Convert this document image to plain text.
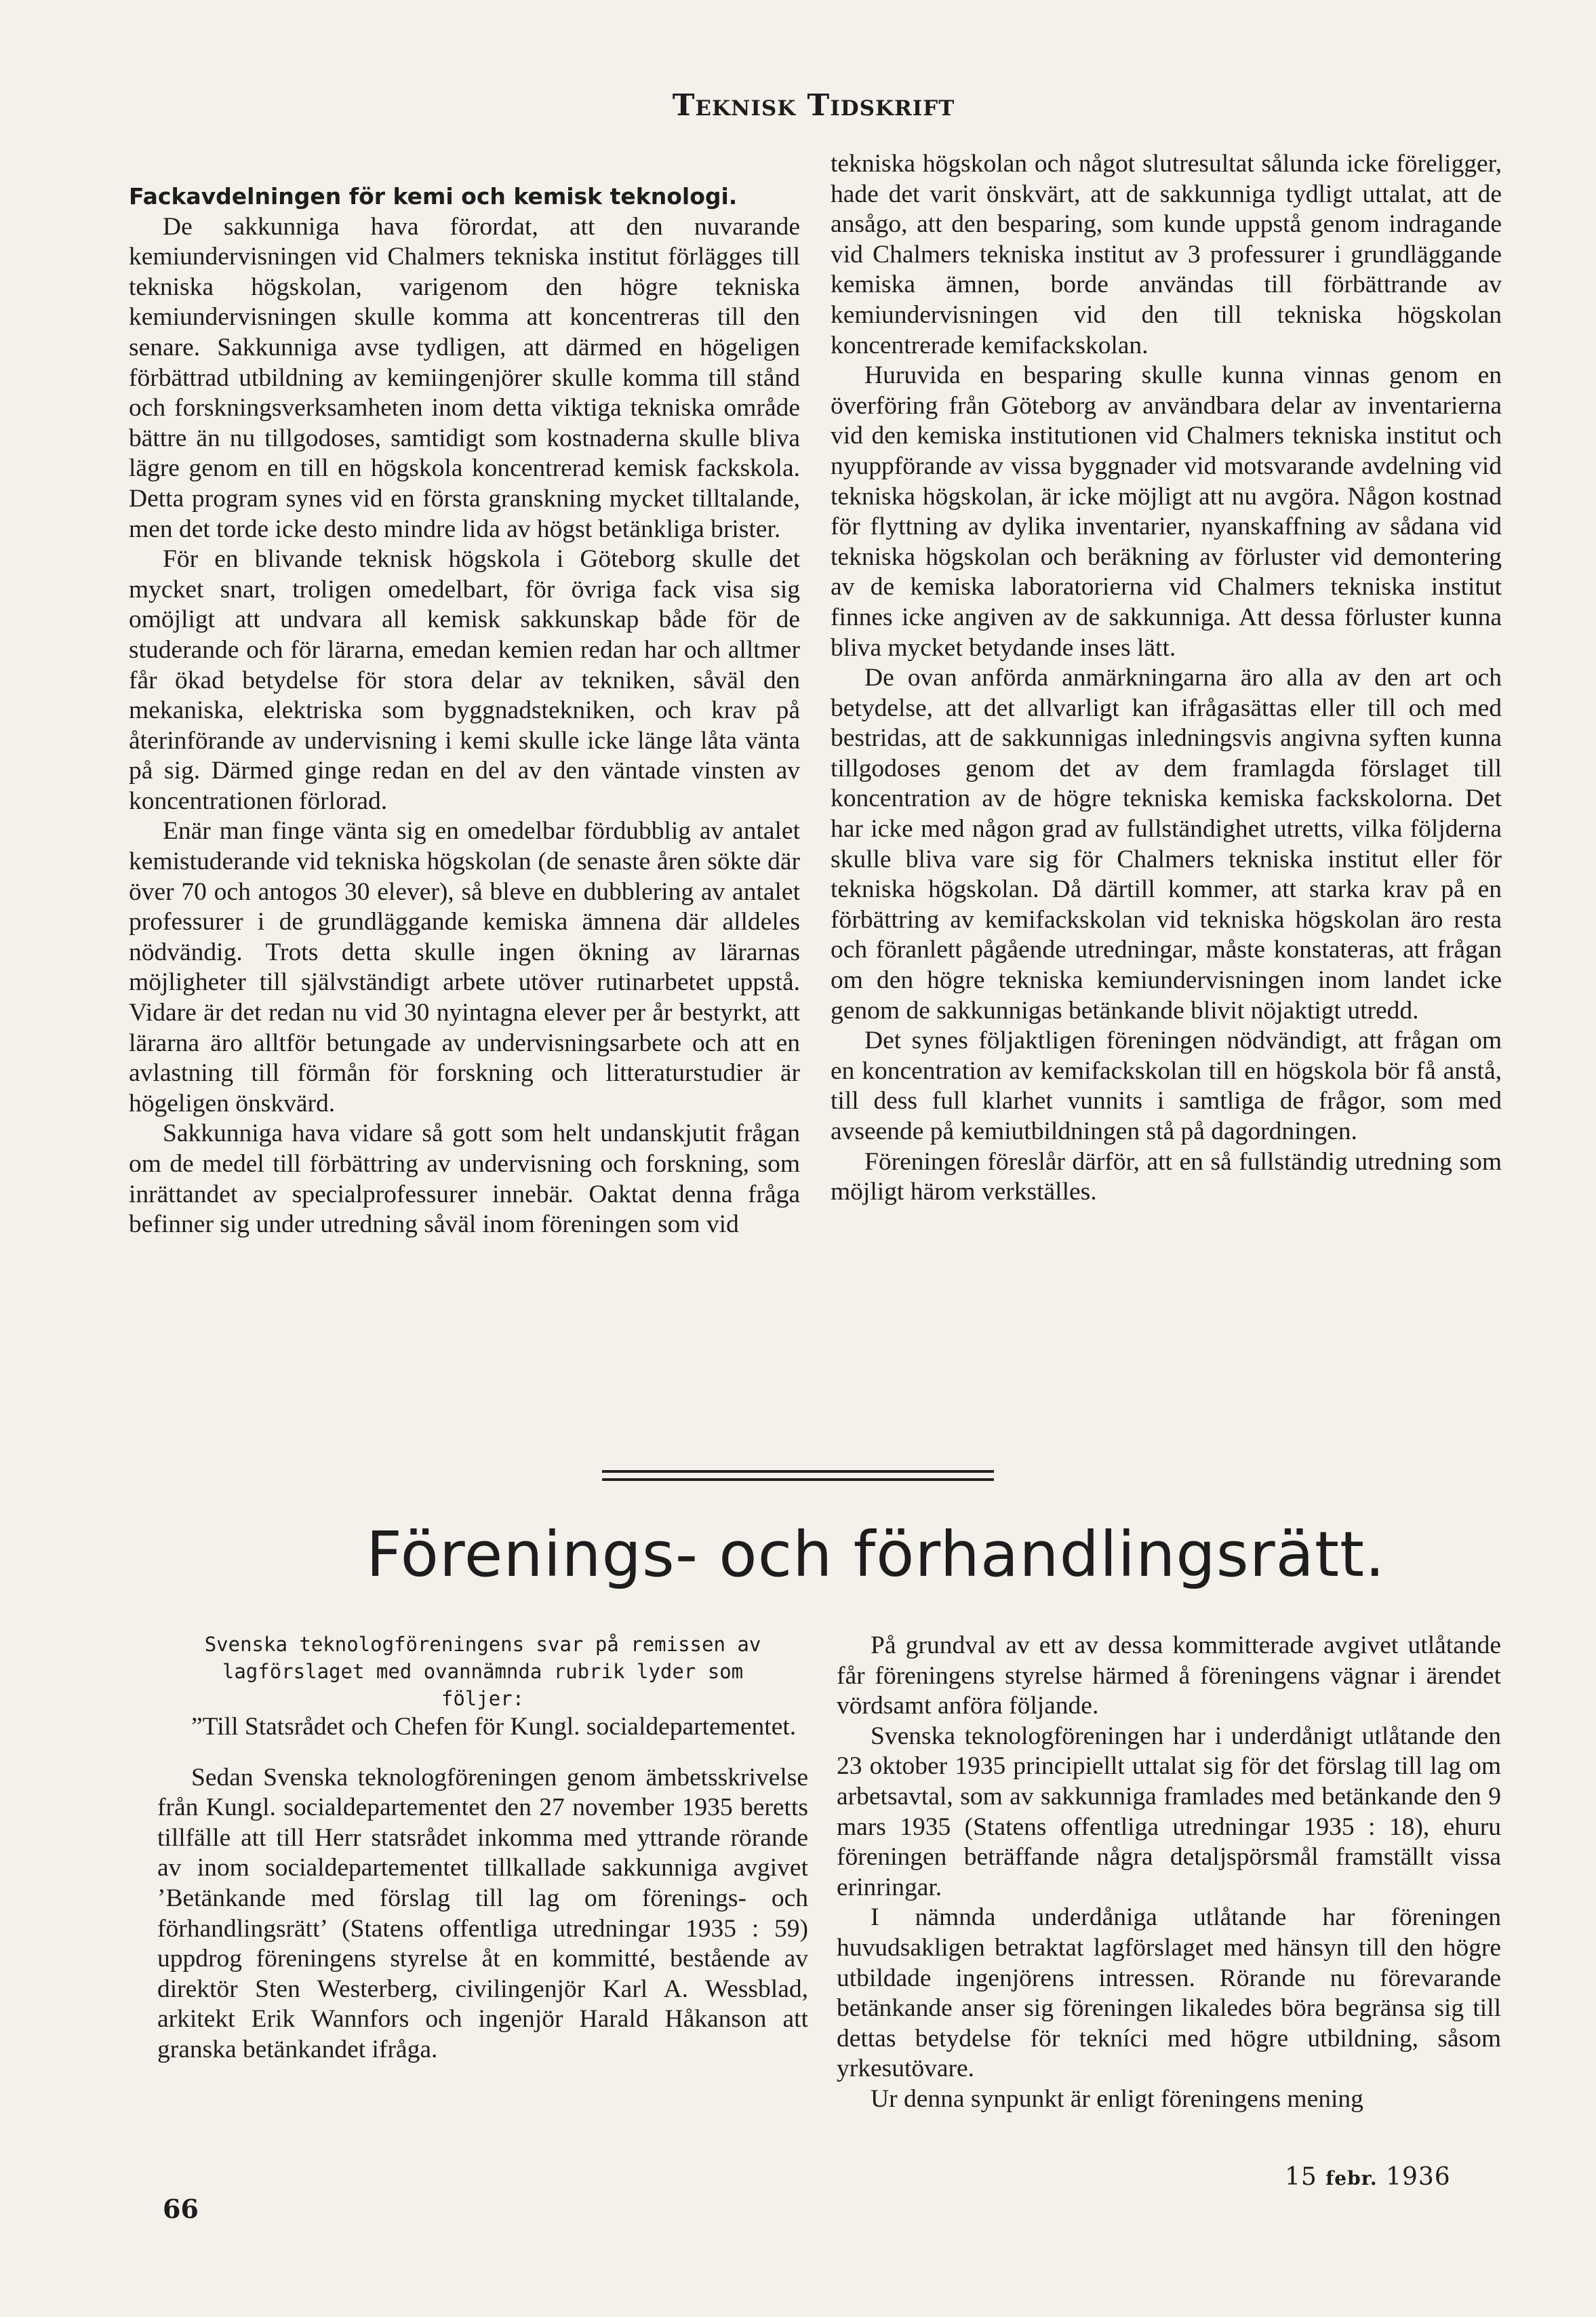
Teknisk Tidskrift

Fackavdelningen för kemi och kemisk teknologi.

De sakkunniga hava förordat, att den nuvarande kemiundervisningen vid Chalmers tekniska institut förlägges till tekniska högskolan, varigenom den högre tekniska kemiundervisningen skulle komma att koncentreras till den senare. Sakkunniga avse tydligen, att därmed en högeligen förbättrad utbildning av kemiingenjörer skulle komma till stånd och forskningsverksamheten inom detta viktiga tekniska område bättre än nu tillgodoses, samtidigt som kostnaderna skulle bliva lägre genom en till en högskola koncentrerad kemisk fackskola. Detta program synes vid en första granskning mycket tilltalande, men det torde icke desto mindre lida av högst betänkliga brister.

För en blivande teknisk högskola i Göteborg skulle det mycket snart, troligen omedelbart, för övriga fack visa sig omöjligt att undvara all kemisk sakkunskap både för de studerande och för lärarna, emedan kemien redan har och alltmer får ökad betydelse för stora delar av tekniken, såväl den mekaniska, elektriska som byggnadstekniken, och krav på återinförande av undervisning i kemi skulle icke länge låta vänta på sig. Därmed ginge redan en del av den väntade vinsten av koncentrationen förlorad.

Enär man finge vänta sig en omedelbar fördubblig av antalet kemistuderande vid tekniska högskolan (de senaste åren sökte där över 70 och antogos 30 elever), så bleve en dubblering av antalet professurer i de grundläggande kemiska ämnena där alldeles nödvändig. Trots detta skulle ingen ökning av lärarnas möjligheter till självständigt arbete utöver rutinarbetet uppstå. Vidare är det redan nu vid 30 nyintagna elever per år bestyrkt, att lärarna äro alltför betungade av undervisningsarbete och att en avlastning till förmån för forskning och litteraturstudier är högeligen önskvärd.

Sakkunniga hava vidare så gott som helt undanskjutit frågan om de medel till förbättring av undervisning och forskning, som inrättandet av specialprofessurer innebär. Oaktat denna fråga befinner sig under utredning såväl inom föreningen som vid

tekniska högskolan och något slutresultat sålunda icke föreligger, hade det varit önskvärt, att de sakkunniga tydligt uttalat, att de ansågo, att den besparing, som kunde uppstå genom indragande vid Chalmers tekniska institut av 3 professurer i grundläggande kemiska ämnen, borde användas till förbättrande av kemiundervisningen vid den till tekniska högskolan koncentrerade kemifackskolan.

Huruvida en besparing skulle kunna vinnas genom en överföring från Göteborg av användbara delar av inventarierna vid den kemiska institutionen vid Chalmers tekniska institut och nyuppförande av vissa byggnader vid motsvarande avdelning vid tekniska högskolan, är icke möjligt att nu avgöra. Någon kostnad för flyttning av dylika inventarier, nyanskaffning av sådana vid tekniska högskolan och beräkning av förluster vid demontering av de kemiska laboratorierna vid Chalmers tekniska institut finnes icke angiven av de sakkunniga. Att dessa förluster kunna bliva mycket betydande inses lätt.

De ovan anförda anmärkningarna äro alla av den art och betydelse, att det allvarligt kan ifrågasättas eller till och med bestridas, att de sakkunnigas inledningsvis angivna syften kunna tillgodoses genom det av dem framlagda förslaget till koncentration av de högre tekniska kemiska fackskolorna. Det har icke med någon grad av fullständighet utretts, vilka följderna skulle bliva vare sig för Chalmers tekniska institut eller för tekniska högskolan. Då därtill kommer, att starka krav på en förbättring av kemifackskolan vid tekniska högskolan äro resta och föranlett pågående utredningar, måste konstateras, att frågan om den högre tekniska kemiundervisningen inom landet icke genom de sakkunnigas betänkande blivit nöjaktigt utredd.

Det synes följaktligen föreningen nödvändigt, att frågan om en koncentration av kemifackskolan till en högskola bör få anstå, till dess full klarhet vunnits i samtliga de frågor, som med avseende på kemiutbildningen stå på dagordningen.

Föreningen föreslår därför, att en så fullständig utredning som möjligt härom verkställes.

Förenings- och förhandlingsrätt.

Svenska teknologföreningens svar på remissen av lagförslaget med ovannämnda rubrik lyder som följer:

”Till Statsrådet och Chefen för Kungl. socialdepartementet.

Sedan Svenska teknologföreningen genom ämbetsskrivelse från Kungl. socialdepartementet den 27 november 1935 beretts tillfälle att till Herr statsrådet inkomma med yttrande rörande av inom socialdepartementet tillkallade sakkunniga avgivet ’Betänkande med förslag till lag om förenings- och förhandlingsrätt’ (Statens offentliga utredningar 1935 : 59) uppdrog föreningens styrelse åt en kommitté, bestående av direktör Sten Westerberg, civilingenjör Karl A. Wessblad, arkitekt Erik Wannfors och ingenjör Harald Håkanson att granska betänkandet ifråga.

På grundval av ett av dessa kommitterade avgivet utlåtande får föreningens styrelse härmed å föreningens vägnar i ärendet vördsamt anföra följande.

Svenska teknologföreningen har i underdånigt utlåtande den 23 oktober 1935 principiellt uttalat sig för det förslag till lag om arbetsavtal, som av sakkunniga framlades med betänkande den 9 mars 1935 (Statens offentliga utredningar 1935 : 18), ehuru föreningen beträffande några detaljspörsmål framställt vissa erinringar.

I nämnda underdåniga utlåtande har föreningen huvudsakligen betraktat lagförslaget med hänsyn till den högre utbildade ingenjörens intressen. Rörande nu förevarande betänkande anser sig föreningen likaledes böra begränsa sig till dettas betydelse för tekníci med högre utbildning, såsom yrkesutövare.

Ur denna synpunkt är enligt föreningens mening

66
15 febr. 1936
